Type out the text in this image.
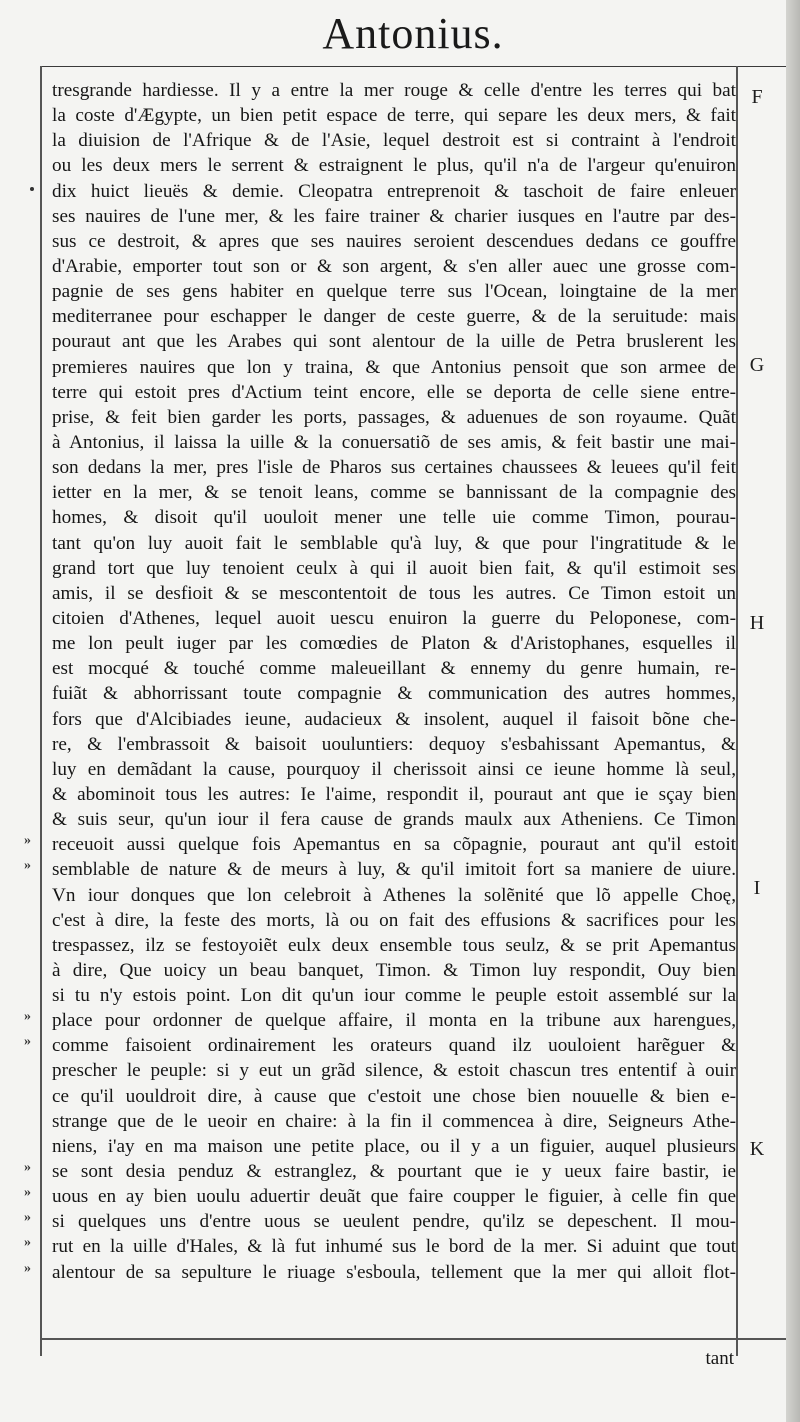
Antonius.
»
»
»
»
»
»
»
»
»
F
G
H
I
K
tresgrande hardiesse. Il y a entre la mer rouge & celle d'entre les terres qui bat
la coste d'Ægypte, un bien petit espace de terre, qui separe les deux mers, & fait
la diuision de l'Afrique & de l'Asie, lequel destroit est si contraint à l'endroit
ou les deux mers le serrent & estraignent le plus, qu'il n'a de l'argeur qu'enuiron
dix huict lieuës & demie. Cleopatra entreprenoit & taschoit de faire enleuer
ses nauires de l'une mer, & les faire trainer & charier iusques en l'autre par des-
sus ce destroit, & apres que ses nauires seroient descendues dedans ce gouffre
d'Arabie, emporter tout son or & son argent, & s'en aller auec une grosse com-
pagnie de ses gens habiter en quelque terre sus l'Ocean, loingtaine de la mer
mediterranee pour eschapper le danger de ceste guerre, & de la seruitude: mais
pouraut ant que les Arabes qui sont alentour de la uille de Petra bruslerent les
premieres nauires que lon y traina, & que Antonius pensoit que son armee de
terre qui estoit pres d'Actium teint encore, elle se deporta de celle siene entre-
prise, & feit bien garder les ports, passages, & aduenues de son royaume. Quãt
à Antonius, il laissa la uille & la conuersatiõ de ses amis, & feit bastir une mai-
son dedans la mer, pres l'isle de Pharos sus certaines chaussees & leuees qu'il feit
ietter en la mer, & se tenoit leans, comme se bannissant de la compagnie des
homes, & disoit qu'il uouloit mener une telle uie comme Timon, pourau-
tant qu'on luy auoit fait le semblable qu'à luy, & que pour l'ingratitude & le
grand tort que luy tenoient ceulx à qui il auoit bien fait, & qu'il estimoit ses
amis, il se desfioit & se mescontentoit de tous les autres. Ce Timon estoit un
citoien d'Athenes, lequel auoit uescu enuiron la guerre du Peloponese, com-
me lon peult iuger par les comœdies de Platon & d'Aristophanes, esquelles il
est mocqué & touché comme maleueillant & ennemy du genre humain, re-
fuiãt & abhorrissant toute compagnie & communication des autres hommes,
fors que d'Alcibiades ieune, audacieux & insolent, auquel il faisoit bõne che-
re, & l'embrassoit & baisoit uouluntiers: dequoy s'esbahissant Apemantus, &
luy en demãdant la cause, pourquoy il cherissoit ainsi ce ieune homme là seul,
& abominoit tous les autres: Ie l'aime, respondit il, pouraut ant que ie sçay bien
& suis seur, qu'un iour il fera cause de grands maulx aux Atheniens. Ce Timon
receuoit aussi quelque fois Apemantus en sa cõpagnie, pouraut ant qu'il estoit
semblable de nature & de meurs à luy, & qu'il imitoit fort sa maniere de uiure.
Vn iour donques que lon celebroit à Athenes la solẽnité que lõ appelle Choę,
c'est à dire, la feste des morts, là ou on fait des effusions & sacrifices pour les
trespassez, ilz se festoyoiẽt eulx deux ensemble tous seulz, & se prit Apemantus
à dire, Que uoicy un beau banquet, Timon. & Timon luy respondit, Ouy bien
si tu n'y estois point. Lon dit qu'un iour comme le peuple estoit assemblé sur la
place pour ordonner de quelque affaire, il monta en la tribune aux harengues,
comme faisoient ordinairement les orateurs quand ilz uouloient harẽguer &
prescher le peuple: si y eut un grãd silence, & estoit chascun tres ententif à ouir
ce qu'il uouldroit dire, à cause que c'estoit une chose bien nouuelle & bien e-
strange que de le ueoir en chaire: à la fin il commencea à dire, Seigneurs Athe-
niens, i'ay en ma maison une petite place, ou il y a un figuier, auquel plusieurs
se sont desia penduz & estranglez, & pourtant que ie y ueux faire bastir, ie
uous en ay bien uoulu aduertir deuãt que faire coupper le figuier, à celle fin que
si quelques uns d'entre uous se ueulent pendre, qu'ilz se depeschent. Il mou-
rut en la uille d'Hales, & là fut inhumé sus le bord de la mer. Si aduint que tout
alentour de sa sepulture le riuage s'esboula, tellement que la mer qui alloit flot-
tant
